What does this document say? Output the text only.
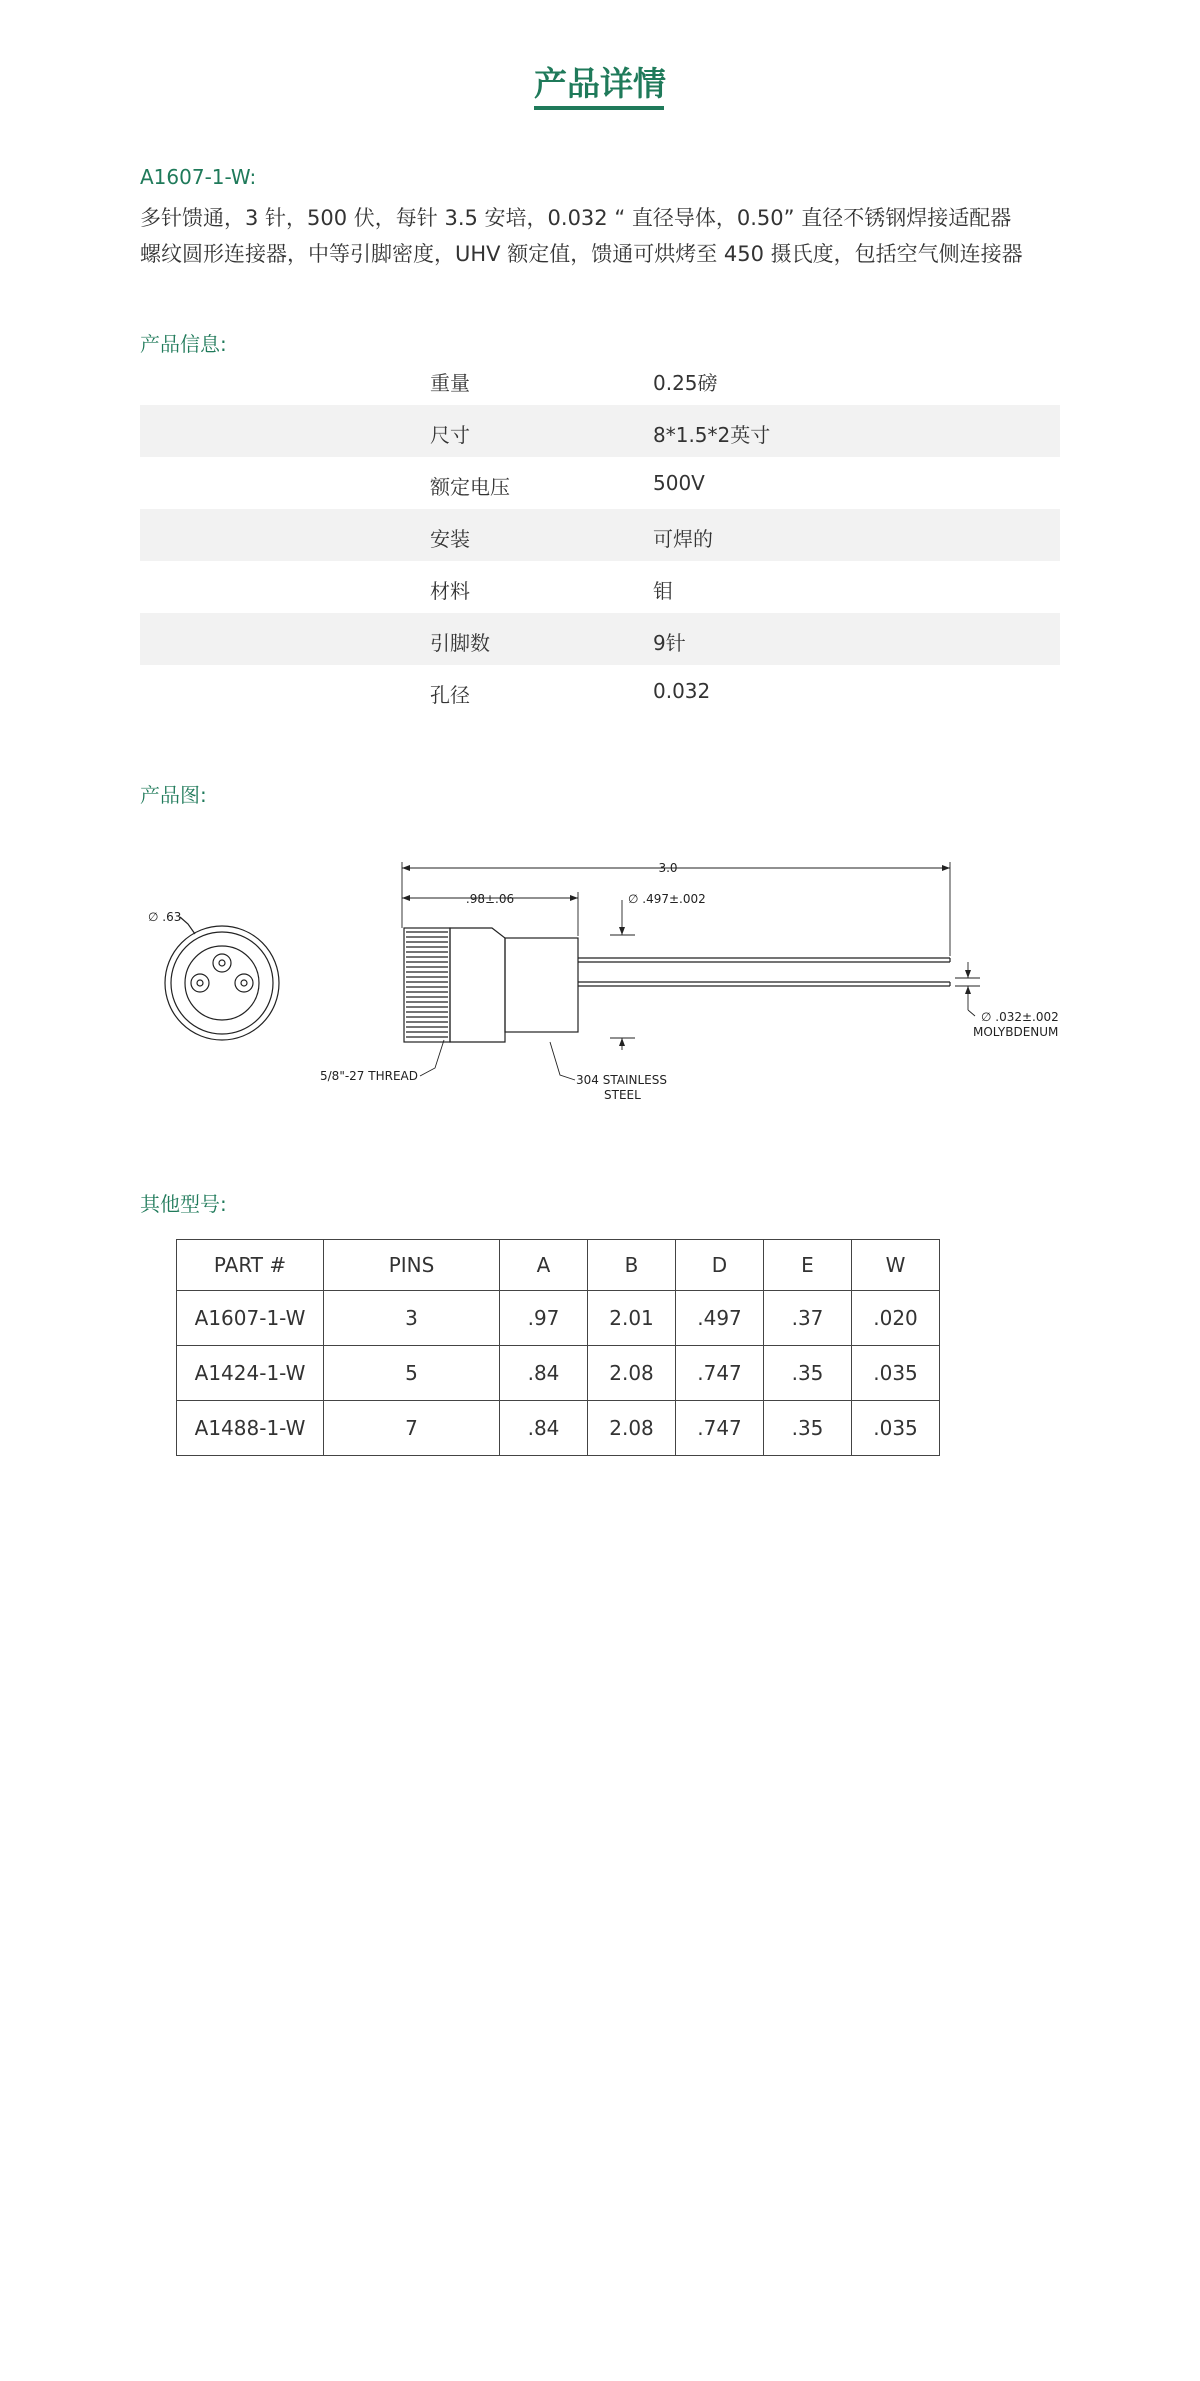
产品详情
A1607-1-W:
多针馈通，3 针，500 伏，每针 3.5 安培，0.032 “ 直径导体，0.50” 直径不锈钢焊接适配器
螺纹圆形连接器，中等引脚密度，UHV 额定值，馈通可烘烤至 450 摄氏度，包括空气侧连接器
产品信息:
重量	0.25磅
尺寸	8*1.5*2英寸
额定电压	500V
安装	可焊的
材料	钼
引脚数	9针
孔径	0.032
产品图:
∅ .63
3.0
.98±.06	∅ .497±.002
5/8"-27 THREAD	304 STAINLESS
STEEL
∅ .032±.002
MOLYBDENUM
其他型号:
PART #	PINS	A	B	D	E	W
A1607-1-W	3	.97	2.01	.497	.37	.020
A1424-1-W	5	.84	2.08	.747	.35	.035
A1488-1-W	7	.84	2.08	.747	.35	.035
